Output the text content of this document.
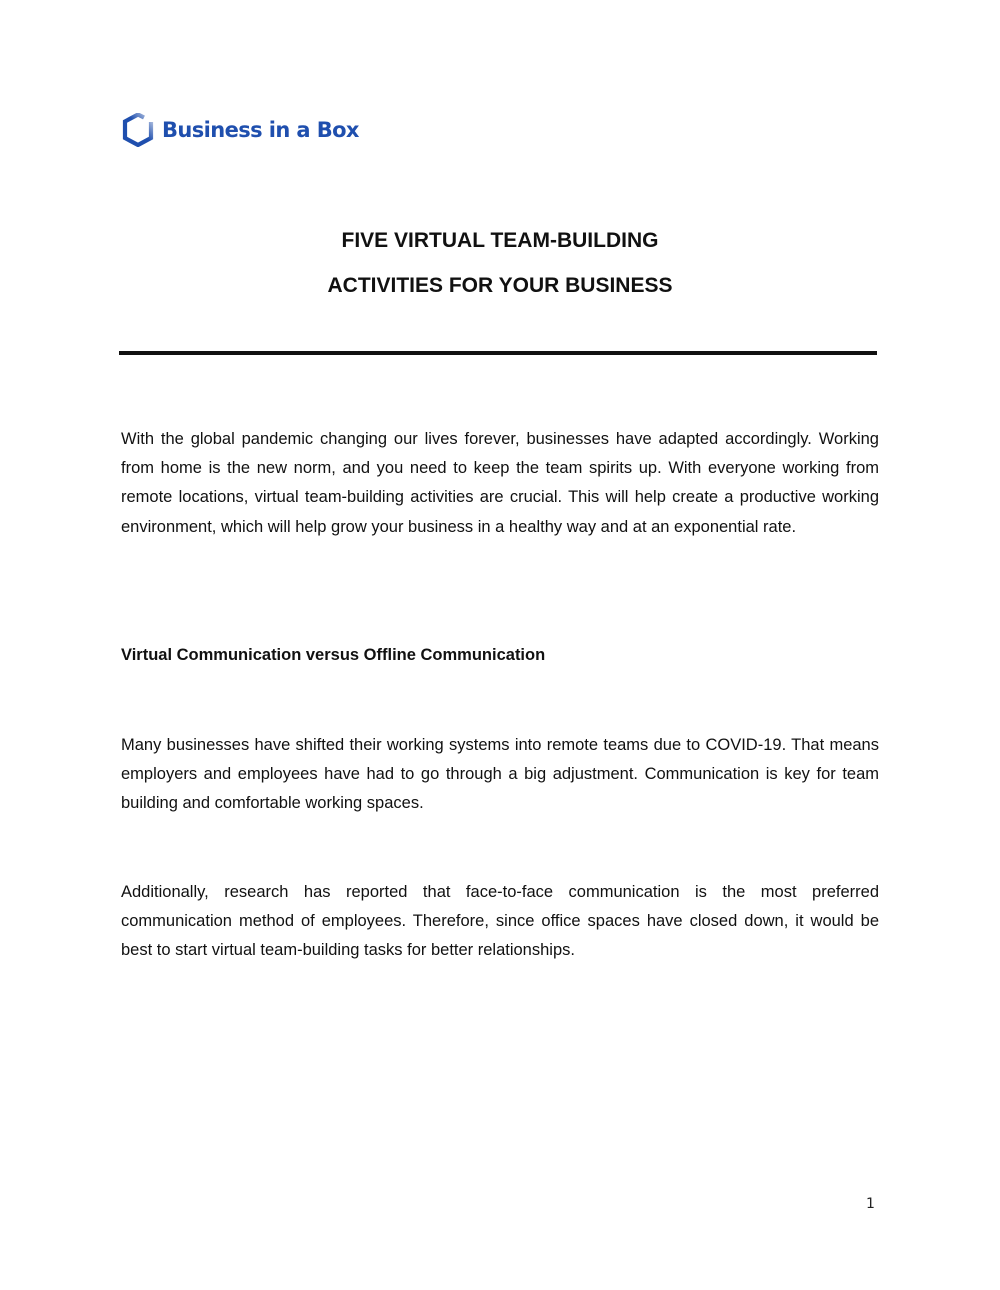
Business in a Box
FIVE VIRTUAL TEAM-BUILDING
ACTIVITIES FOR YOUR BUSINESS

With the global pandemic changing our lives forever, businesses have adapted accordingly. Working from home is the new norm, and you need to keep the team spirits up. With everyone working from remote locations, virtual team-building activities are crucial. This will help create a productive working environment, which will help grow your business in a healthy way and at an exponential rate.

Virtual Communication versus Offline Communication

Many businesses have shifted their working systems into remote teams due to COVID-19. That means employers and employees have had to go through a big adjustment. Communication is key for team building and comfortable working spaces.

Additionally, research has reported that face-to-face communication is the most preferred communication method of employees. Therefore, since office spaces have closed down, it would be best to start virtual team-building tasks for better relationships.

1
